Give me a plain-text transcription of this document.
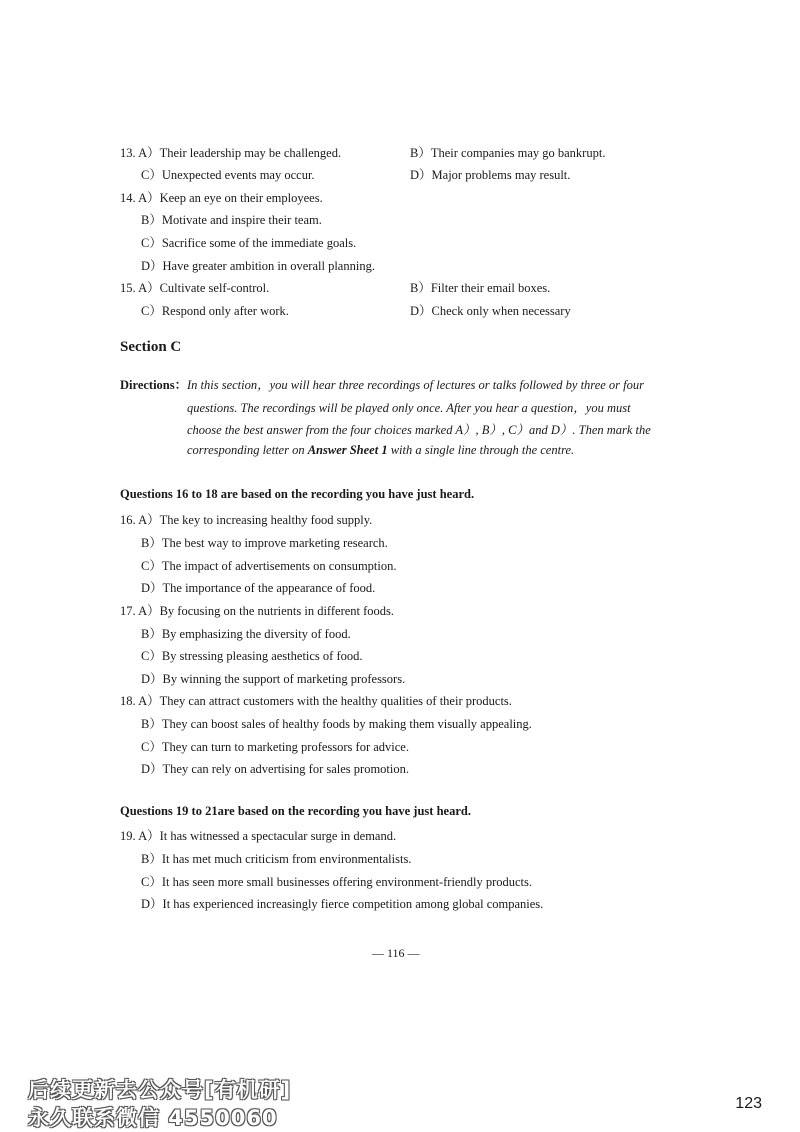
13. A）Their leadership may be challenged.	B）Their companies may go bankrupt.
C）Unexpected events may occur.	D）Major problems may result.
14. A）Keep an eye on their employees.
B）Motivate and inspire their team.
C）Sacrifice some of the immediate goals.
D）Have greater ambition in overall planning.
15. A）Cultivate self-control.	B）Filter their email boxes.
C）Respond only after work.	D）Check only when necessary
Section C
Directions： In this section，you will hear three recordings of lectures or talks followed by three or four
questions. The recordings will be played only once. After you hear a question，you must
choose the best answer from the four choices marked A）, B）, C）and D）. Then mark the
corresponding letter on Answer Sheet 1 with a single line through the centre.
Questions 16 to 18 are based on the recording you have just heard.
16. A）The key to increasing healthy food supply.
B）The best way to improve marketing research.
C）The impact of advertisements on consumption.
D）The importance of the appearance of food.
17. A）By focusing on the nutrients in different foods.
B）By emphasizing the diversity of food.
C）By stressing pleasing aesthetics of food.
D）By winning the support of marketing professors.
18. A）They can attract customers with the healthy qualities of their products.
B）They can boost sales of healthy foods by making them visually appealing.
C）They can turn to marketing professors for advice.
D）They can rely on advertising for sales promotion.
Questions 19 to 21are based on the recording you have just heard.
19. A）It has witnessed a spectacular surge in demand.
B）It has met much criticism from environmentalists.
C）It has seen more small businesses offering environment-friendly products.
D）It has experienced increasingly fierce competition among global companies.
— 116 —
后续更新去公众号[有机研]
永久联系微信 4550060
123
